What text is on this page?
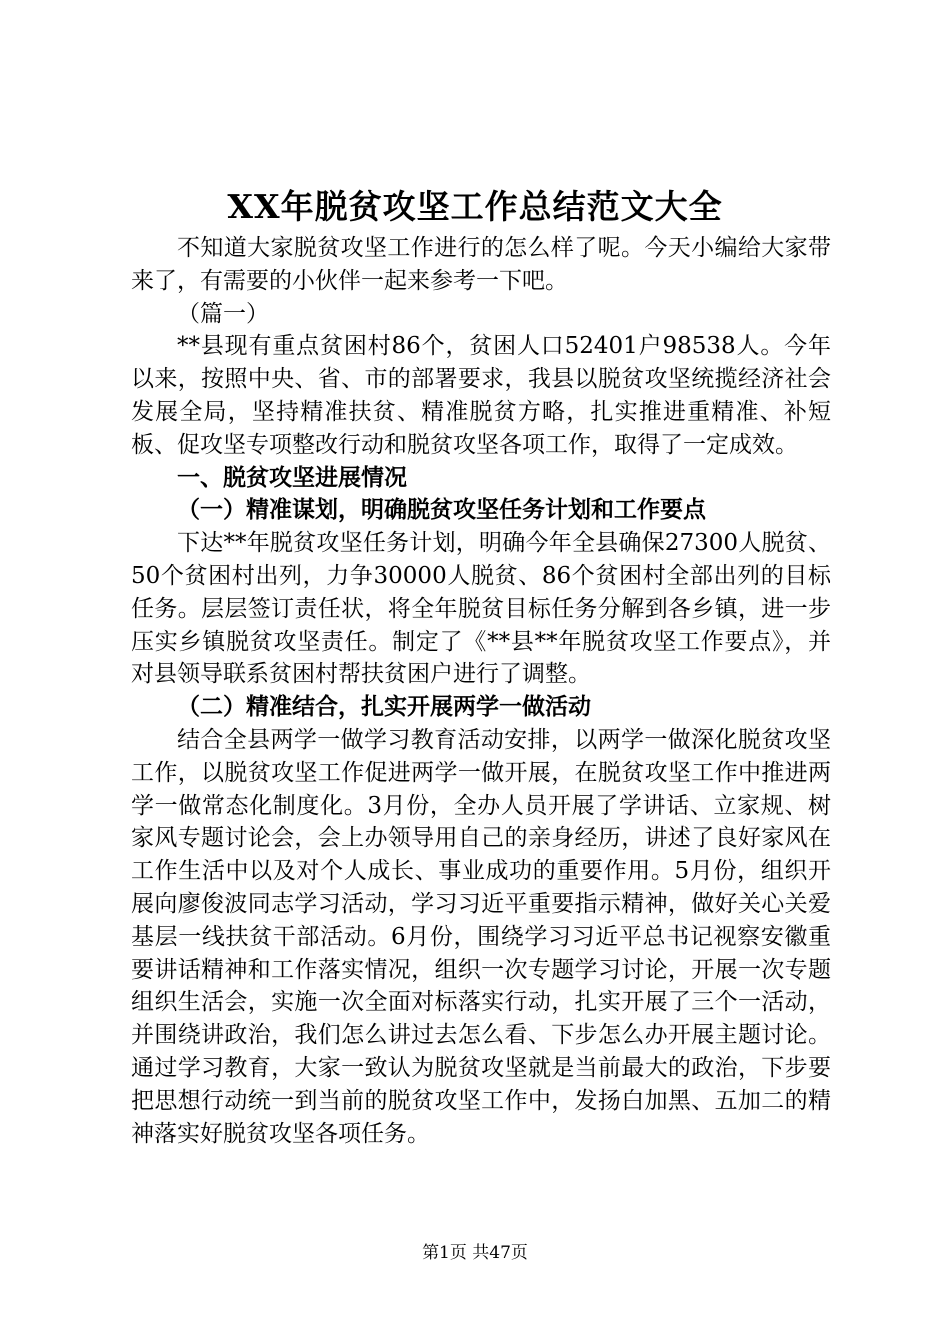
XX年脱贫攻坚工作总结范文大全

不知道大家脱贫攻坚工作进行的怎么样了呢。今天小编给大家带来了，有需要的小伙伴一起来参考一下吧。

（篇一）

**县现有重点贫困村86个，贫困人口52401户98538人。今年以来，按照中央、省、市的部署要求，我县以脱贫攻坚统揽经济社会发展全局，坚持精准扶贫、精准脱贫方略，扎实推进重精准、补短板、促攻坚专项整改行动和脱贫攻坚各项工作，取得了一定成效。

一、脱贫攻坚进展情况

（一）精准谋划，明确脱贫攻坚任务计划和工作要点

下达**年脱贫攻坚任务计划，明确今年全县确保27300人脱贫、50个贫困村出列，力争30000人脱贫、86个贫困村全部出列的目标任务。层层签订责任状，将全年脱贫目标任务分解到各乡镇，进一步压实乡镇脱贫攻坚责任。制定了《**县**年脱贫攻坚工作要点》，并对县领导联系贫困村帮扶贫困户进行了调整。

（二）精准结合，扎实开展两学一做活动

结合全县两学一做学习教育活动安排，以两学一做深化脱贫攻坚工作，以脱贫攻坚工作促进两学一做开展，在脱贫攻坚工作中推进两学一做常态化制度化。3月份，全办人员开展了学讲话、立家规、树家风专题讨论会，会上办领导用自己的亲身经历，讲述了良好家风在工作生活中以及对个人成长、事业成功的重要作用。5月份，组织开展向廖俊波同志学习活动，学习习近平重要指示精神，做好关心关爱基层一线扶贫干部活动。6月份，围绕学习习近平总书记视察安徽重要讲话精神和工作落实情况，组织一次专题学习讨论，开展一次专题组织生活会，实施一次全面对标落实行动，扎实开展了三个一活动，并围绕讲政治，我们怎么讲过去怎么看、下步怎么办开展主题讨论。通过学习教育，大家一致认为脱贫攻坚就是当前最大的政治，下步要把思想行动统一到当前的脱贫攻坚工作中，发扬白加黑、五加二的精神落实好脱贫攻坚各项任务。

第1页 共47页
